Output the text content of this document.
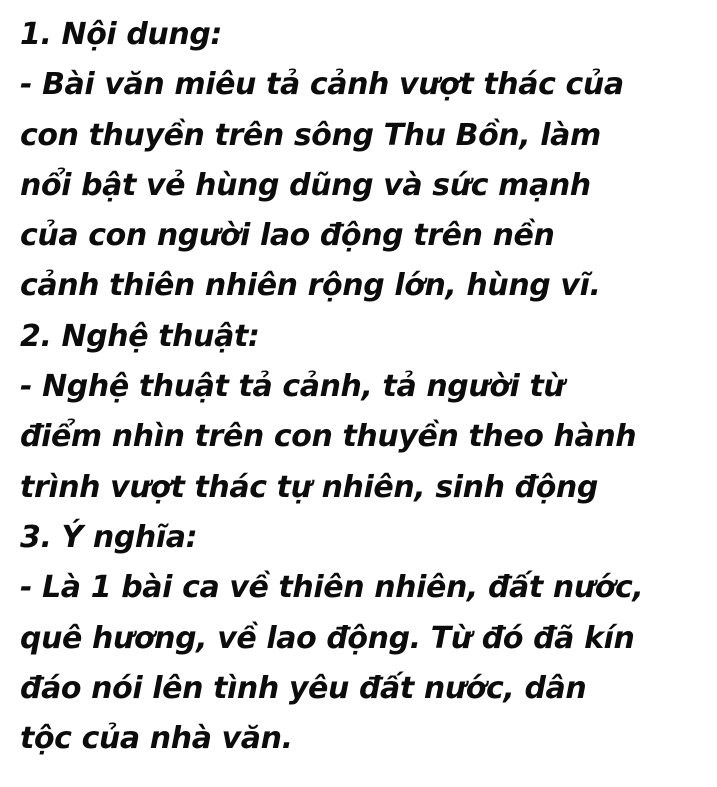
1. Nội dung:
- Bài văn miêu tả cảnh vượt thác của
con thuyền trên sông Thu Bồn, làm
nổi bật vẻ hùng dũng và sức mạnh
của con người lao động trên nền
cảnh thiên nhiên rộng lớn, hùng vĩ.
2. Nghệ thuật:
- Nghệ thuật tả cảnh, tả người từ
điểm nhìn trên con thuyền theo hành
trình vượt thác tự nhiên, sinh động
3. Ý nghĩa:
- Là 1 bài ca về thiên nhiên, đất nước,
quê hương, về lao động. Từ đó đã kín
đáo nói lên tình yêu đất nước, dân
tộc của nhà văn.
